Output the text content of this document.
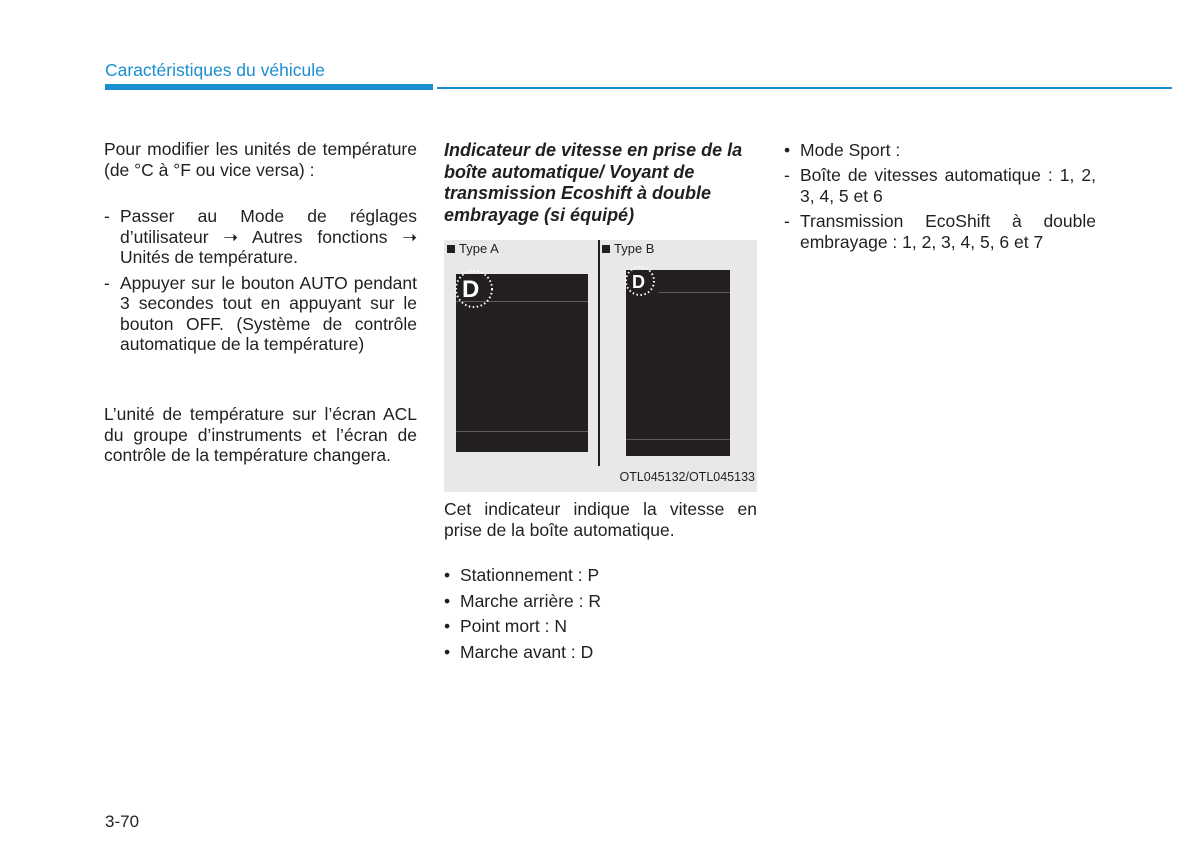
Caractéristiques du véhicule

Pour modifier les unités de température (de °C à °F ou vice versa) :

- Passer au Mode de réglages d’utilisateur ➝ Autres fonctions ➝ Unités de température.
- Appuyer sur le bouton AUTO pendant 3 secondes tout en appuyant sur le bouton OFF. (Système de contrôle automatique de la température)

L’unité de température sur l’écran ACL du groupe d’instruments et l’écran de contrôle de la température changera.

Indicateur de vitesse en prise de la boîte automatique/ Voyant de transmission Ecoshift à double embrayage (si équipé)

Type A	Type B
D	D
OTL045132/OTL045133

Cet indicateur indique la vitesse en prise de la boîte automatique.

• Stationnement : P
• Marche arrière : R
• Point mort : N
• Marche avant : D
• Mode Sport :
- Boîte de vitesses automatique : 1, 2, 3, 4, 5 et 6
- Transmission EcoShift à double embrayage : 1, 2, 3, 4, 5, 6 et 7
3-70
